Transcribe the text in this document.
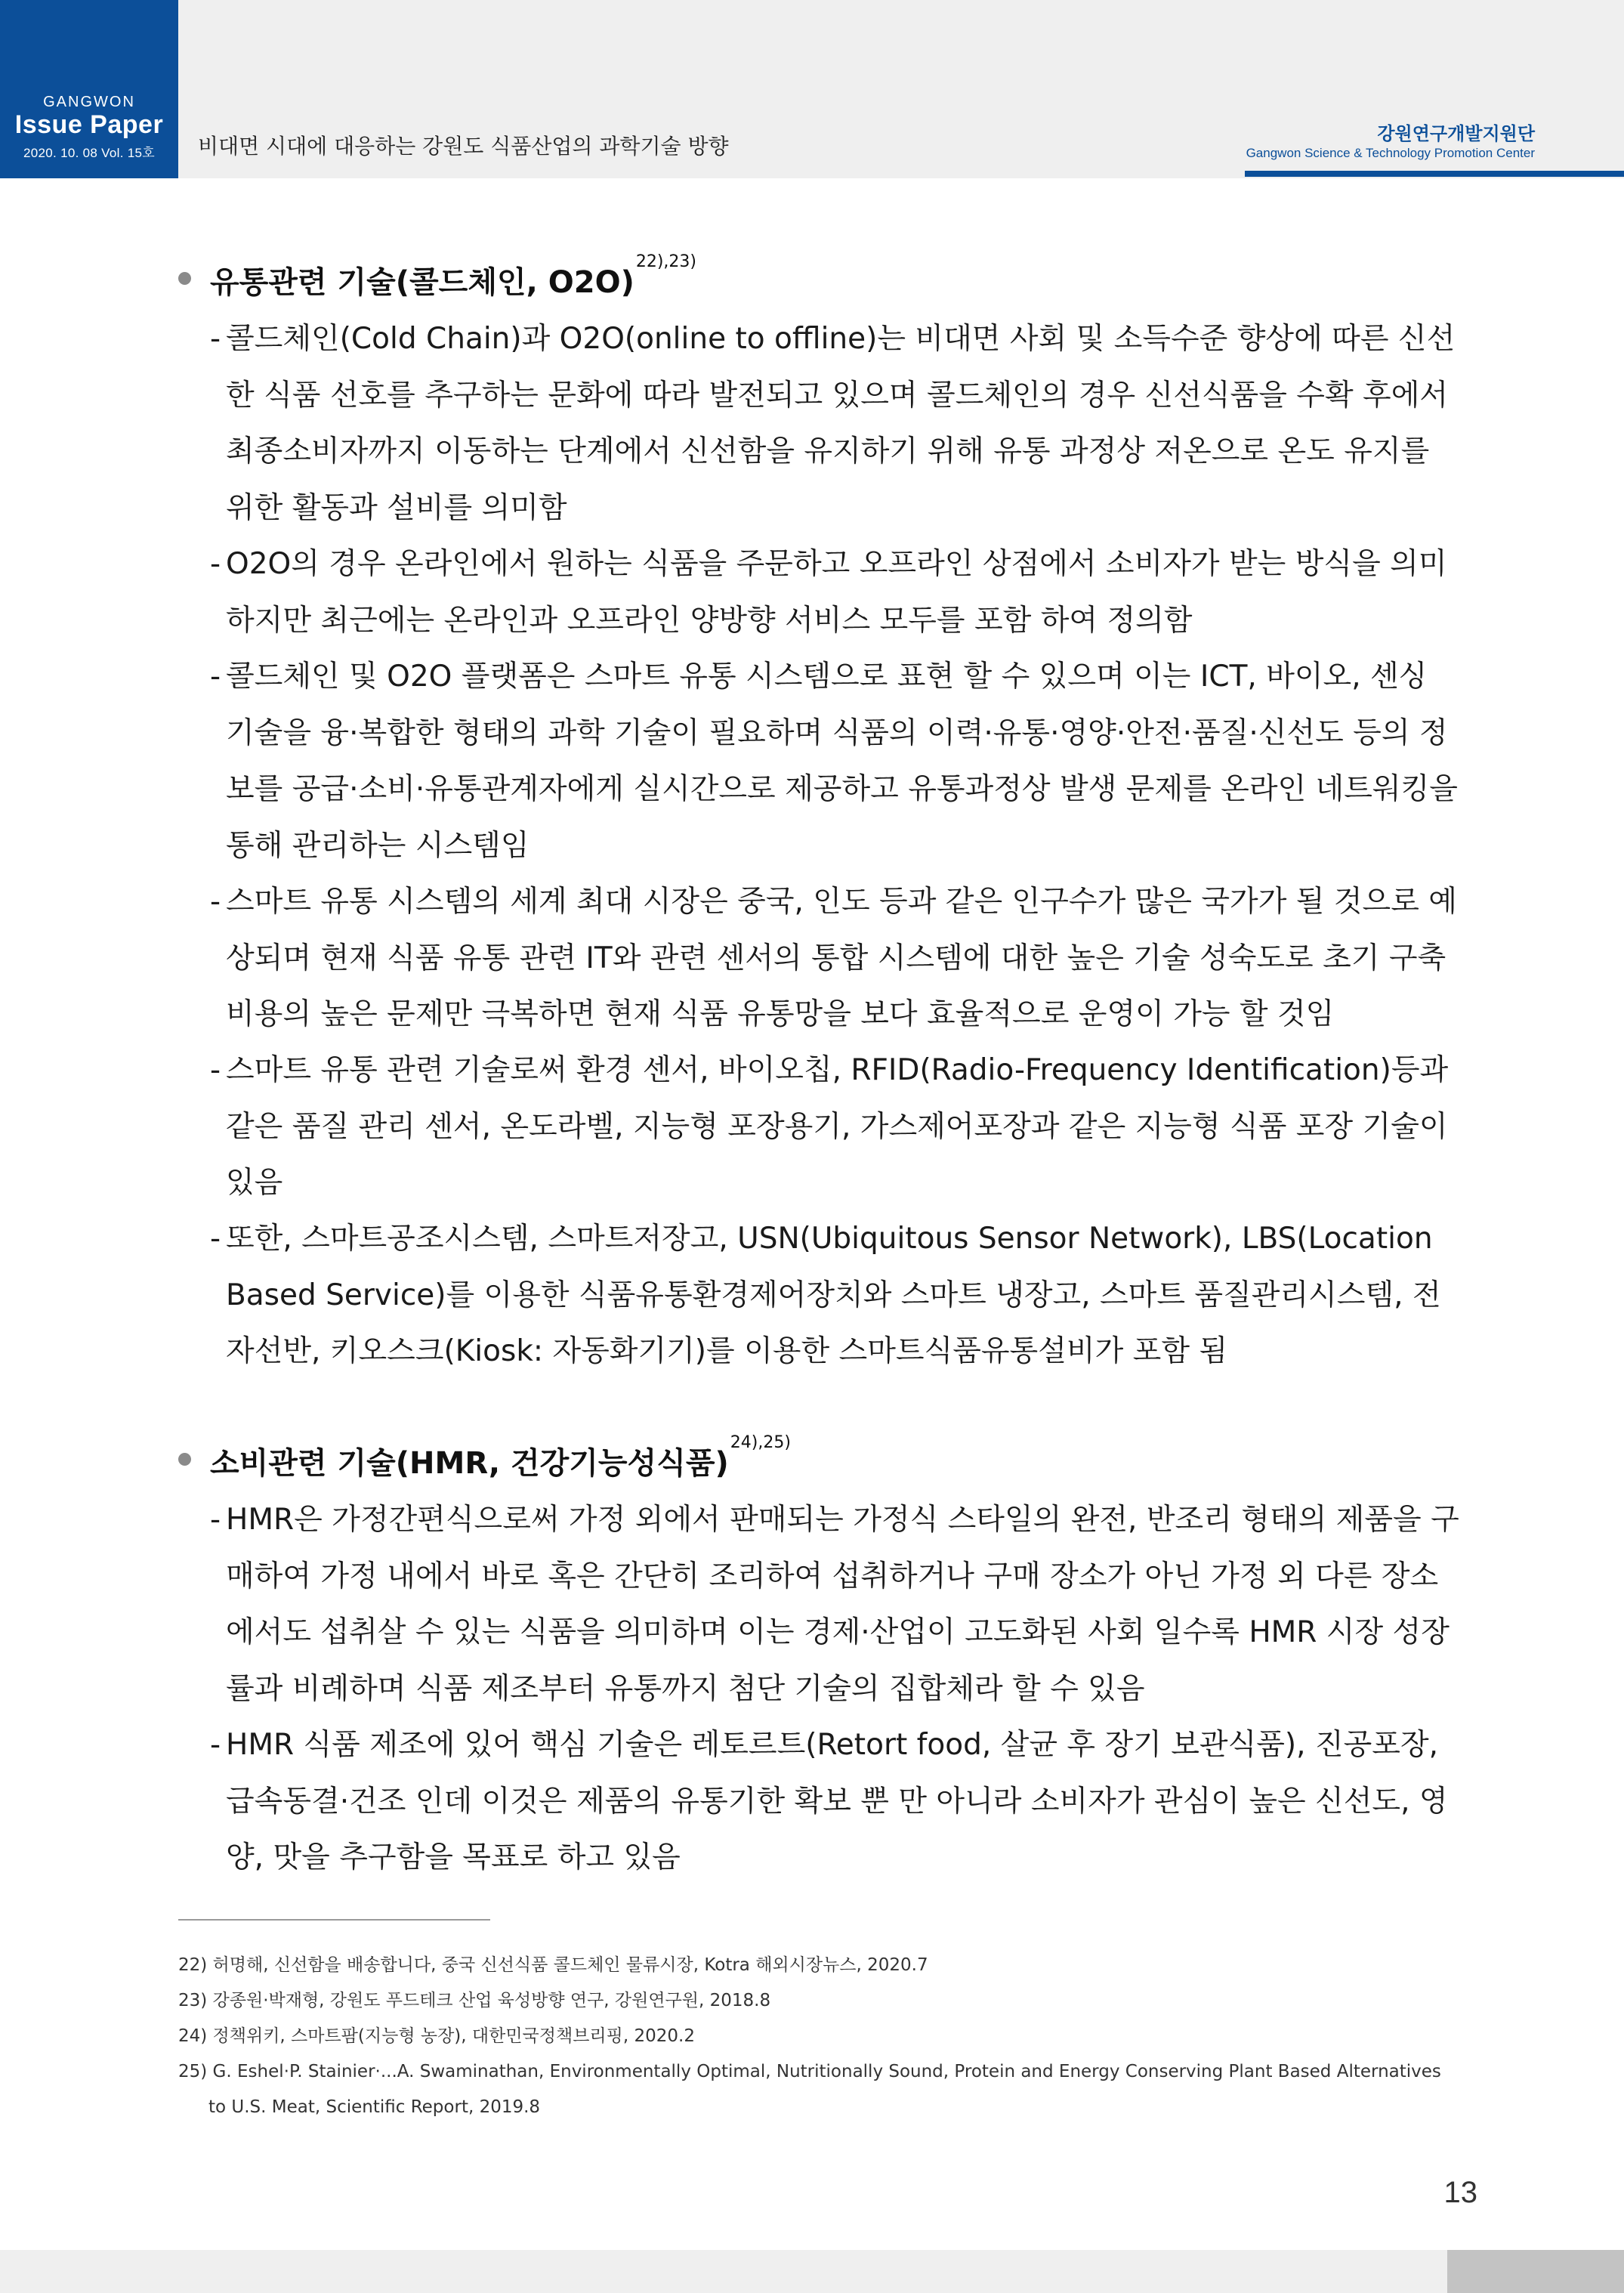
GANGWON
Issue Paper
2020. 10. 08 Vol. 15호	비대면 시대에 대응하는 강원도 식품산업의 과학기술 방향	강원연구개발지원단
Gangwon Science & Technology Promotion Center
유통관련 기술(콜드체인, O2O)$^{22),23)}$
- 콜드체인(Cold Chain)과 O2O(online to offline)는 비대면 사회 및 소득수준 향상에 따른 신선한 식품 선호를 추구하는 문화에 따라 발전되고 있으며 콜드체인의 경우 신선식품을 수확 후에서 최종소비자까지 이동하는 단계에서 신선함을 유지하기 위해 유통 과정상 저온으로 온도 유지를 위한 활동과 설비를 의미함
- O2O의 경우 온라인에서 원하는 식품을 주문하고 오프라인 상점에서 소비자가 받는 방식을 의미하지만 최근에는 온라인과 오프라인 양방향 서비스 모두를 포함 하여 정의함
- 콜드체인 및 O2O 플랫폼은 스마트 유통 시스템으로 표현 할 수 있으며 이는 ICT, 바이오, 센싱 기술을 융·복합한 형태의 과학 기술이 필요하며 식품의 이력·유통·영양·안전·품질·신선도 등의 정보를 공급·소비·유통관계자에게 실시간으로 제공하고 유통과정상 발생 문제를 온라인 네트워킹을 통해 관리하는 시스템임
- 스마트 유통 시스템의 세계 최대 시장은 중국, 인도 등과 같은 인구수가 많은 국가가 될 것으로 예상되며 현재 식품 유통 관련 IT와 관련 센서의 통합 시스템에 대한 높은 기술 성숙도로 초기 구축 비용의 높은 문제만 극복하면 현재 식품 유통망을 보다 효율적으로 운영이 가능 할 것임
- 스마트 유통 관련 기술로써 환경 센서, 바이오칩, RFID(Radio-Frequency Identification)등과 같은 품질 관리 센서, 온도라벨, 지능형 포장용기, 가스제어포장과 같은 지능형 식품 포장 기술이 있음
- 또한, 스마트공조시스템, 스마트저장고, USN(Ubiquitous Sensor Network), LBS(Location Based Service)를 이용한 식품유통환경제어장치와 스마트 냉장고, 스마트 품질관리시스템, 전자선반, 키오스크(Kiosk: 자동화기기)를 이용한 스마트식품유통설비가 포함 됨
소비관련 기술(HMR, 건강기능성식품)$^{24),25)}$
- HMR은 가정간편식으로써 가정 외에서 판매되는 가정식 스타일의 완전, 반조리 형태의 제품을 구매하여 가정 내에서 바로 혹은 간단히 조리하여 섭취하거나 구매 장소가 아닌 가정 외 다른 장소에서도 섭취살 수 있는 식품을 의미하며 이는 경제·산업이 고도화된 사회 일수록 HMR 시장 성장률과 비례하며 식품 제조부터 유통까지 첨단 기술의 집합체라 할 수 있음
- HMR 식품 제조에 있어 핵심 기술은 레토르트(Retort food, 살균 후 장기 보관식품), 진공포장, 급속동결·건조 인데 이것은 제품의 유통기한 확보 뿐 만 아니라 소비자가 관심이 높은 신선도, 영양, 맛을 추구함을 목표로 하고 있음
22) 허명해, 신선함을 배송합니다, 중국 신선식품 콜드체인 물류시장, Kotra 해외시장뉴스, 2020.7
23) 강종원·박재형, 강원도 푸드테크 산업 육성방향 연구, 강원연구원, 2018.8
24) 정책위키, 스마트팜(지능형 농장), 대한민국정책브리핑, 2020.2
25) G. Eshel·P. Stainier·...A. Swaminathan, Environmentally Optimal, Nutritionally Sound, Protein and Energy Conserving Plant Based Alternatives to U.S. Meat, Scientific Report, 2019.8
13
